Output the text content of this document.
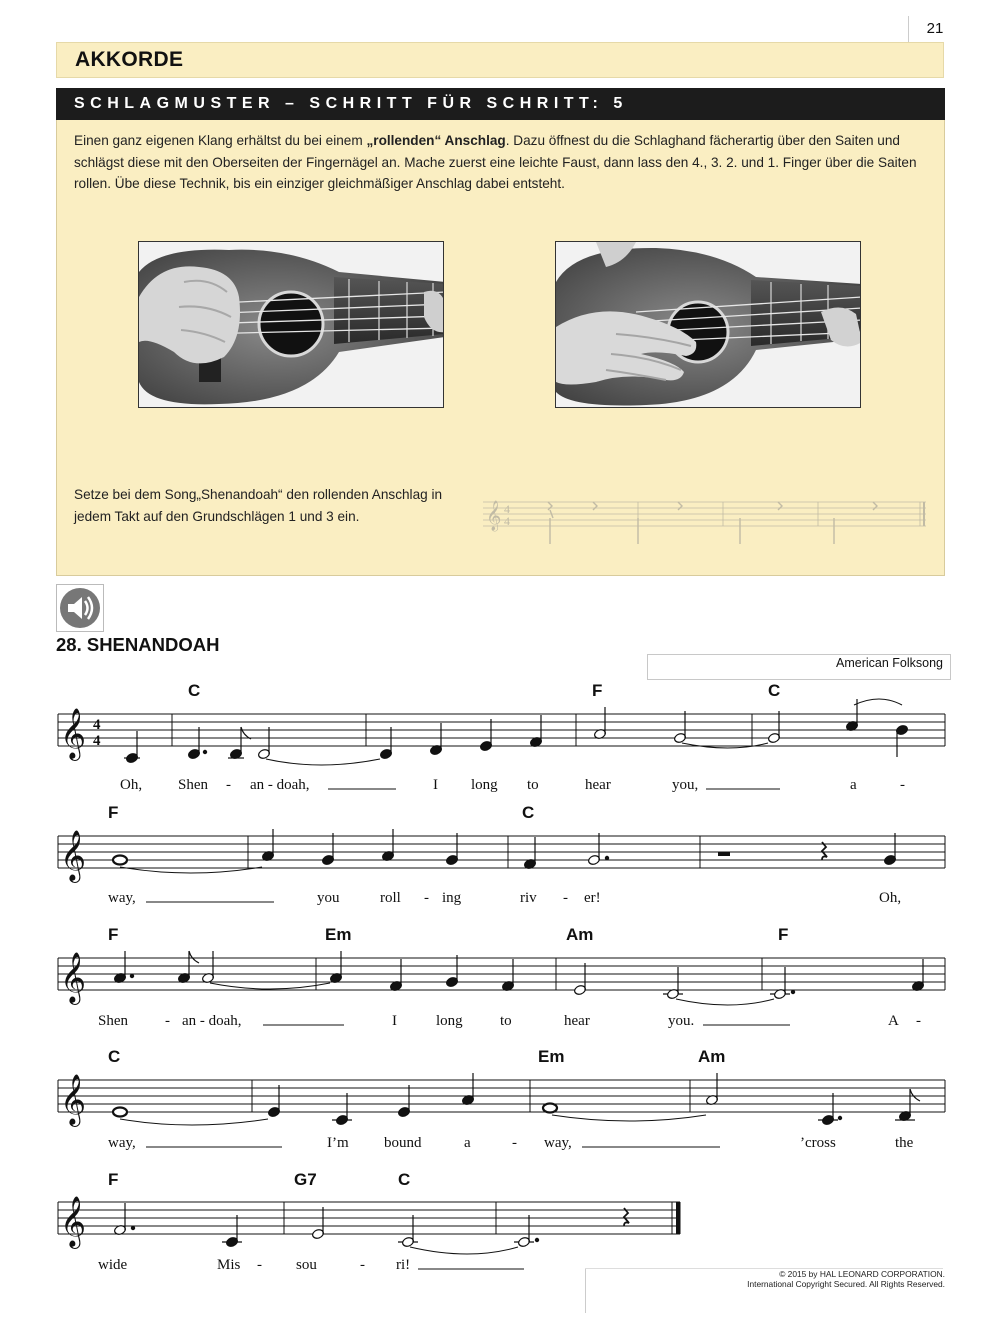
21
AKKORDE
SCHLAGMUSTER – SCHRITT FÜR SCHRITT: 5
Einen ganz eigenen Klang erhältst du bei einem „rollenden“ Anschlag. Dazu öffnest du die Schlaghand fächerartig über den Saiten und schlägst diese mit den Oberseiten der Fingernägel an. Mache zuerst eine leichte Faust, dann lass den 4., 3. 2. und 1. Finger über die Saiten rollen. Übe diese Technik, bis ein einziger gleichmäßiger Anschlag dabei entsteht.
Setze bei dem Song„Shenandoah“ den rollenden Anschlag in jedem Takt auf den Grundschlägen 1 und 3 ein.	𝄞 4
4
28. SHENANDOAH
American Folksong
𝄞 4
4
C	F	C
Oh, Shen - an - doah,	I long to	hear	you,	a	-
𝄞
F	C
way,	you	roll - ing	riv - er!	Oh,
𝄞
F	Em	Am	F
Shen - an - doah,	I	long to	hear	you.	A -
𝄞
C	Em	Am
way,	I’m bound	a	- way,	’cross	the
𝄞
F	G7	C
wide	Mis - sou	- ri!
© 2015 by HAL LEONARD CORPORATION.
International Copyright Secured. All Rights Reserved.
